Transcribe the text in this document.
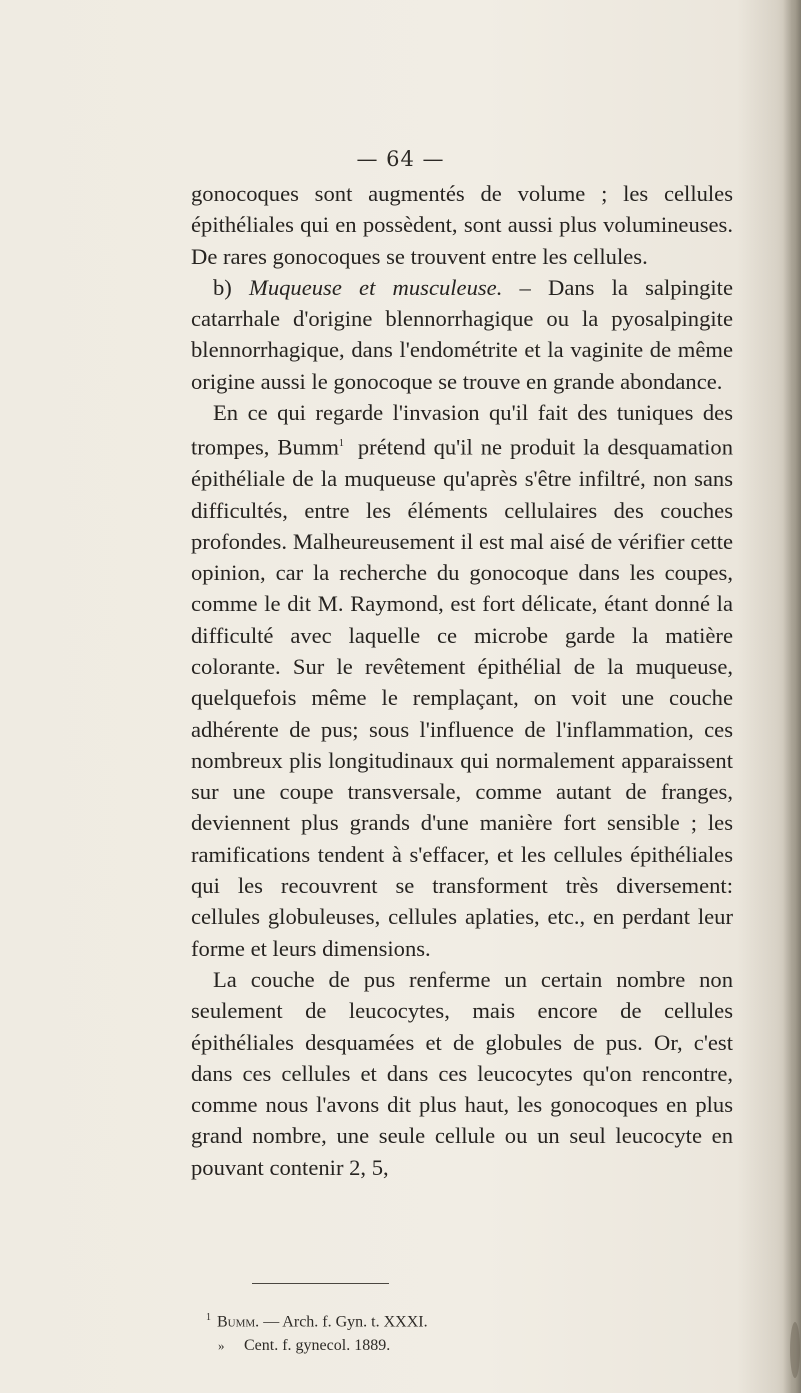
— 64 —

gonocoques sont augmentés de volume ; les cellules épithéliales qui en possèdent, sont aussi plus volumineuses. De rares gonocoques se trouvent entre les cellules.

b) Muqueuse et musculeuse. – Dans la salpingite catarrhale d'origine blennorrhagique ou la pyosalpingite blennorrhagique, dans l'endométrite et la vaginite de même origine aussi le gonocoque se trouve en grande abondance.

En ce qui regarde l'invasion qu'il fait des tuniques des trompes, Bumm$^1$ prétend qu'il ne produit la desquamation épithéliale de la muqueuse qu'après s'être infiltré, non sans difficultés, entre les éléments cellulaires des couches profondes. Malheureusement il est mal aisé de vérifier cette opinion, car la recherche du gonocoque dans les coupes, comme le dit M. Raymond, est fort délicate, étant donné la difficulté avec laquelle ce microbe garde la matière colorante. Sur le revêtement épithélial de la muqueuse, quelquefois même le remplaçant, on voit une couche adhérente de pus; sous l'influence de l'inflammation, ces nombreux plis longitudinaux qui normalement apparaissent sur une coupe transversale, comme autant de franges, deviennent plus grands d'une manière fort sensible ; les ramifications tendent à s'effacer, et les cellules épithéliales qui les recouvrent se transforment très diversement: cellules globuleuses, cellules aplaties, etc., en perdant leur forme et leurs dimensions.

La couche de pus renferme un certain nombre non seulement de leucocytes, mais encore de cellules épithéliales desquamées et de globules de pus. Or, c'est dans ces cellules et dans ces leucocytes qu'on rencontre, comme nous l'avons dit plus haut, les gonocoques en plus grand nombre, une seule cellule ou un seul leucocyte en pouvant contenir 2, 5,

$^1$ Bumm. — Arch. f. Gyn. t. XXXI.
» Cent. f. gynecol. 1889.
